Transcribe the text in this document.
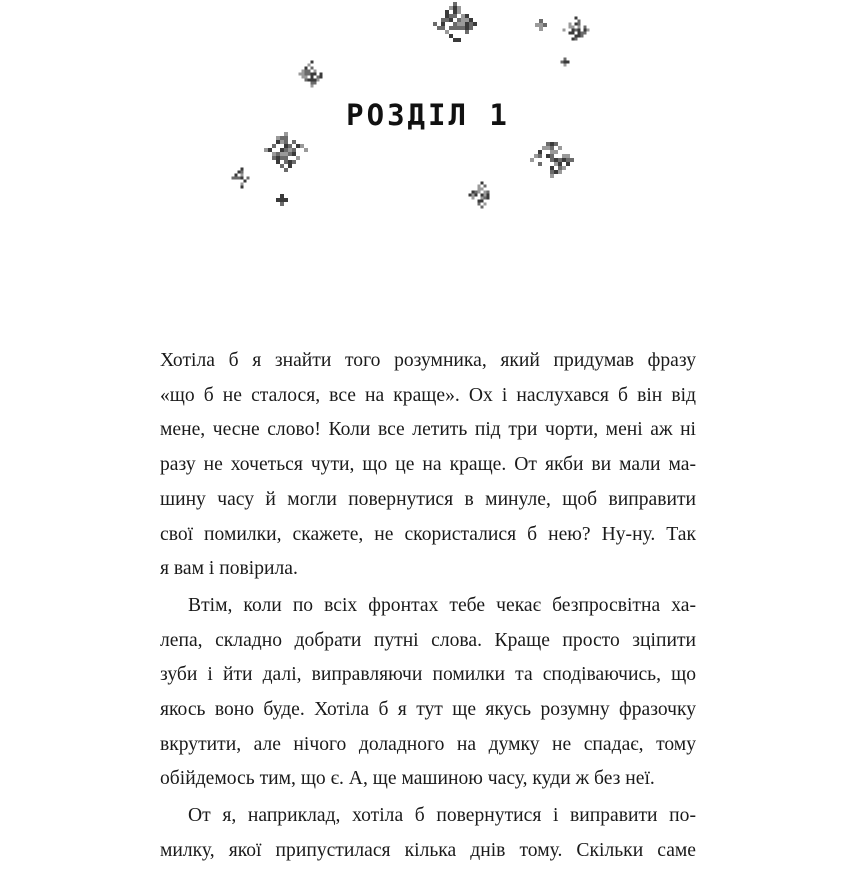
РОЗДІЛ 1

Хотіла б я знайти того розумника, який придумав фразу
«що б не сталося, все на краще». Ох і наслухався б він від
мене, чесне слово! Коли все летить під три чорти, мені аж ні
разу не хочеться чути, що це на краще. От якби ви мали ма-
шину часу й могли повернутися в минуле, щоб виправити
свої помилки, скажете, не скористалися б нею? Ну-ну. Так
я вам і повірила.

Втім, коли по всіх фронтах тебе чекає безпросвітна ха-
лепа, складно добрати путні слова. Краще просто зціпити
зуби і йти далі, виправляючи помилки та сподіваючись, що
якось воно буде. Хотіла б я тут ще якусь розумну фразочку
вкрутити, але нічого доладного на думку не спадає, тому
обійдемось тим, що є. А, ще машиною часу, куди ж без неї.

От я, наприклад, хотіла б повернутися і виправити по-
милку, якої припустилася кілька днів тому. Скільки саме
